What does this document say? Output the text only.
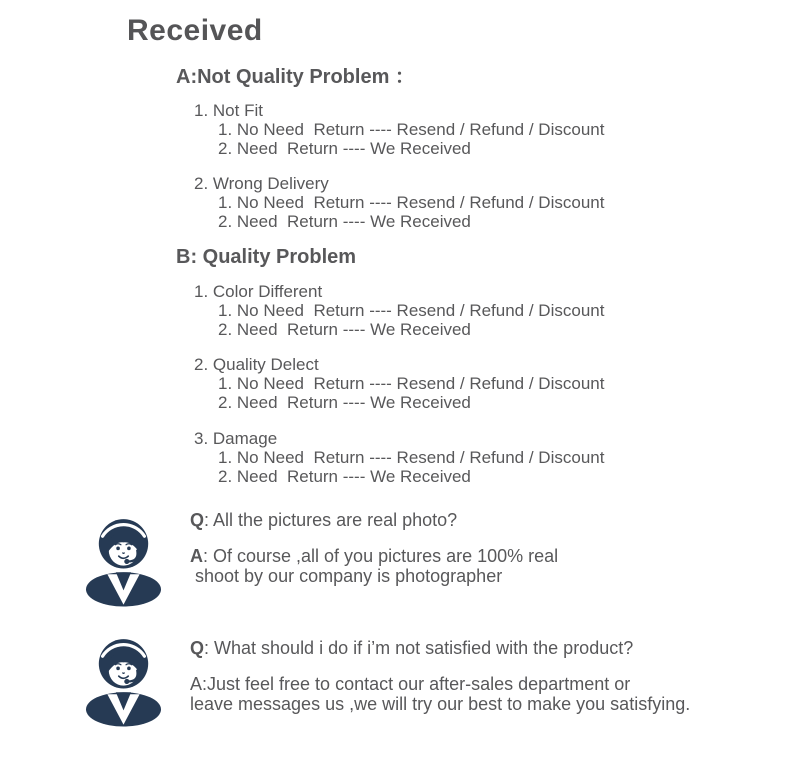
Received
A:Not Quality Problem ：
1. Not Fit
1. No Need  Return ---- Resend / Refund / Discount
2. Need  Return ---- We Received
2. Wrong Delivery
1. No Need  Return ---- Resend / Refund / Discount
2. Need  Return ---- We Received
B: Quality Problem
1. Color Different
1. No Need  Return ---- Resend / Refund / Discount
2. Need  Return ---- We Received
2. Quality Delect
1. No Need  Return ---- Resend / Refund / Discount
2. Need  Return ---- We Received
3. Damage
1. No Need  Return ---- Resend / Refund / Discount
2. Need  Return ---- We Received
Q: All the pictures are real photo?
A: Of course ,all of you pictures are 100% real
shoot by our company is photographer
Q: What should i do if i’m not satisfied with the product?
A:Just feel free to contact our after-sales department or
leave messages us ,we will try our best to make you satisfying.
